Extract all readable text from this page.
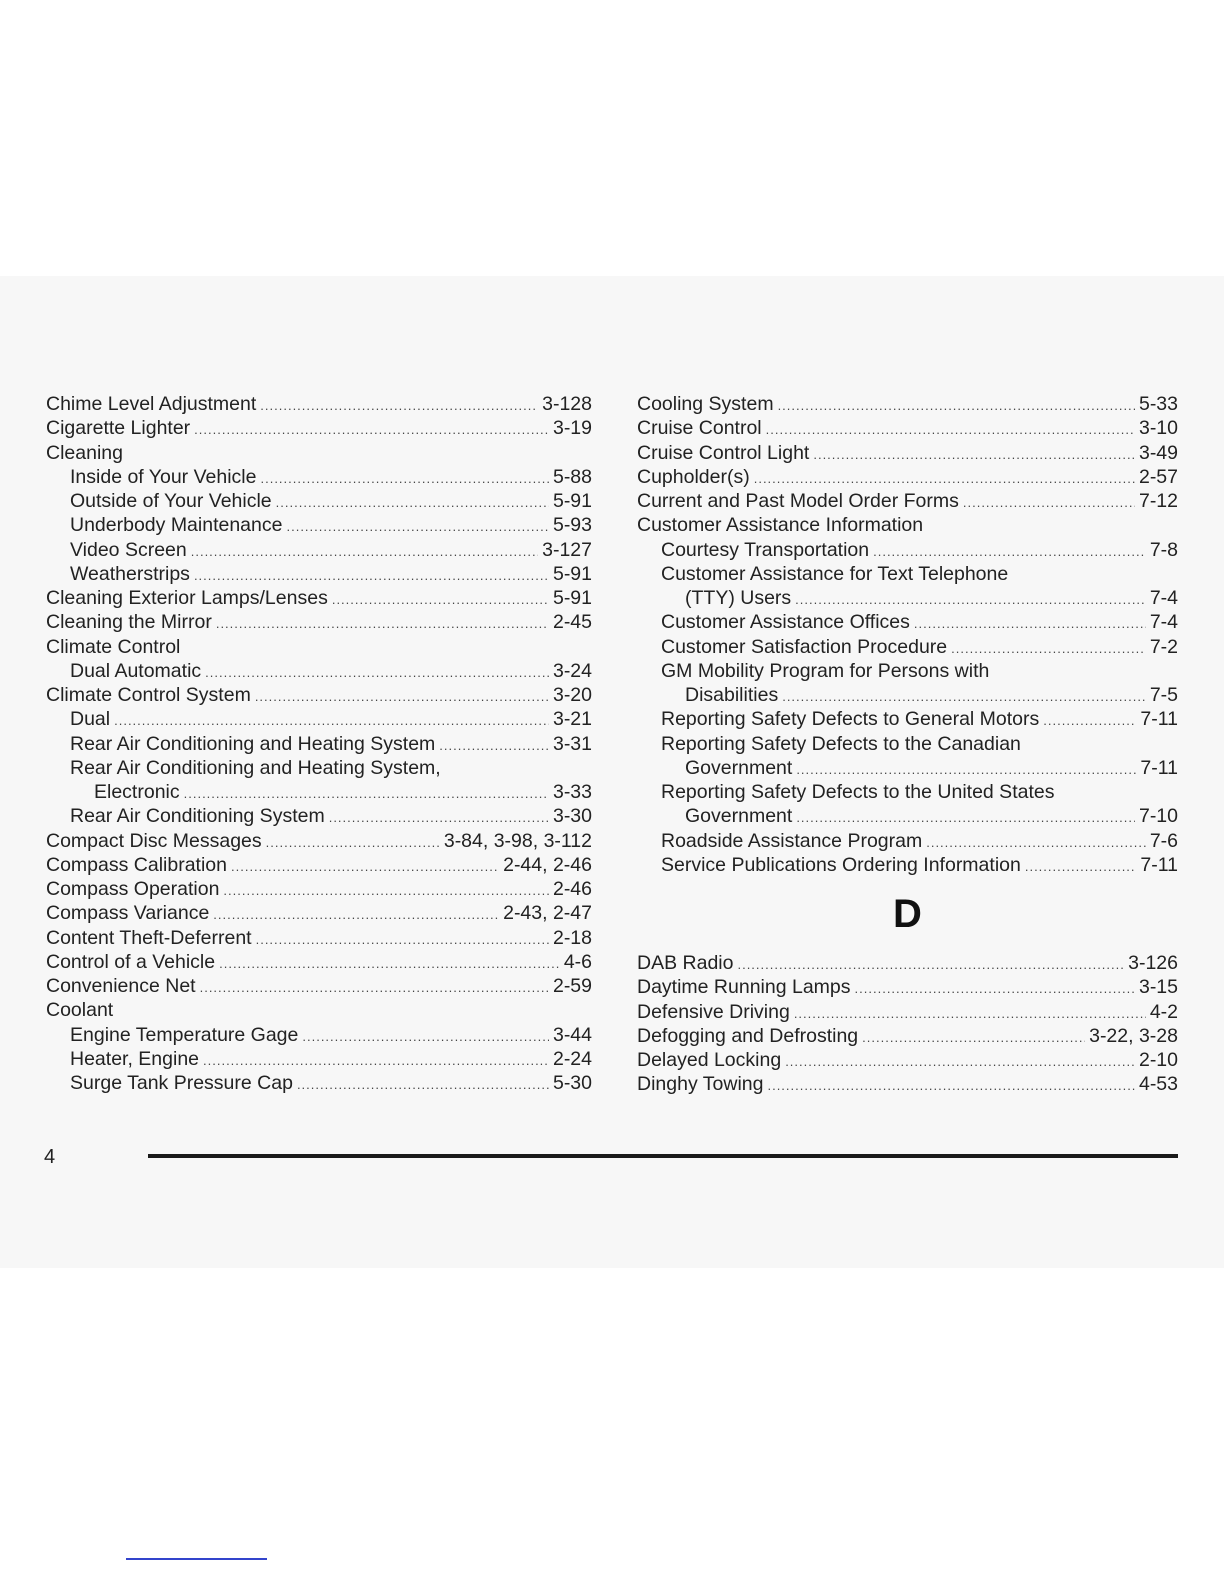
Chime Level Adjustment .....	3-128
Cigarette Lighter .....	3-19
Cleaning
Inside of Your Vehicle .....	5-88
Outside of Your Vehicle .....	5-91
Underbody Maintenance .....	5-93
Video Screen .....	3-127
Weatherstrips .....	5-91
Cleaning Exterior Lamps/Lenses .....	5-91
Cleaning the Mirror .....	2-45
Climate Control
Dual Automatic .....	3-24
Climate Control System .....	3-20
Dual .....	3-21
Rear Air Conditioning and Heating System .....	3-31
Rear Air Conditioning and Heating System,
Electronic .....	3-33
Rear Air Conditioning System .....	3-30
Compact Disc Messages .....	3-84, 3-98, 3-112
Compass Calibration .....	2-44, 2-46
Compass Operation .....	2-46
Compass Variance .....	2-43, 2-47
Content Theft-Deferrent .....	2-18
Control of a Vehicle .....	4-6
Convenience Net .....	2-59
Coolant
Engine Temperature Gage .....	3-44
Heater, Engine .....	2-24
Surge Tank Pressure Cap .....	5-30
Cooling System .....	5-33
Cruise Control .....	3-10
Cruise Control Light .....	3-49
Cupholder(s) .....	2-57
Current and Past Model Order Forms .....	7-12
Customer Assistance Information
Courtesy Transportation .....	7-8
Customer Assistance for Text Telephone
(TTY) Users .....	7-4
Customer Assistance Offices .....	7-4
Customer Satisfaction Procedure .....	7-2
GM Mobility Program for Persons with
Disabilities .....	7-5
Reporting Safety Defects to General Motors .....	7-11
Reporting Safety Defects to the Canadian
Government .....	7-11
Reporting Safety Defects to the United States
Government .....	7-10
Roadside Assistance Program .....	7-6
Service Publications Ordering Information .....	7-11
D
DAB Radio .....	3-126
Daytime Running Lamps .....	3-15
Defensive Driving .....	4-2
Defogging and Defrosting .....	3-22, 3-28
Delayed Locking .....	2-10
Dinghy Towing .....	4-53
4
